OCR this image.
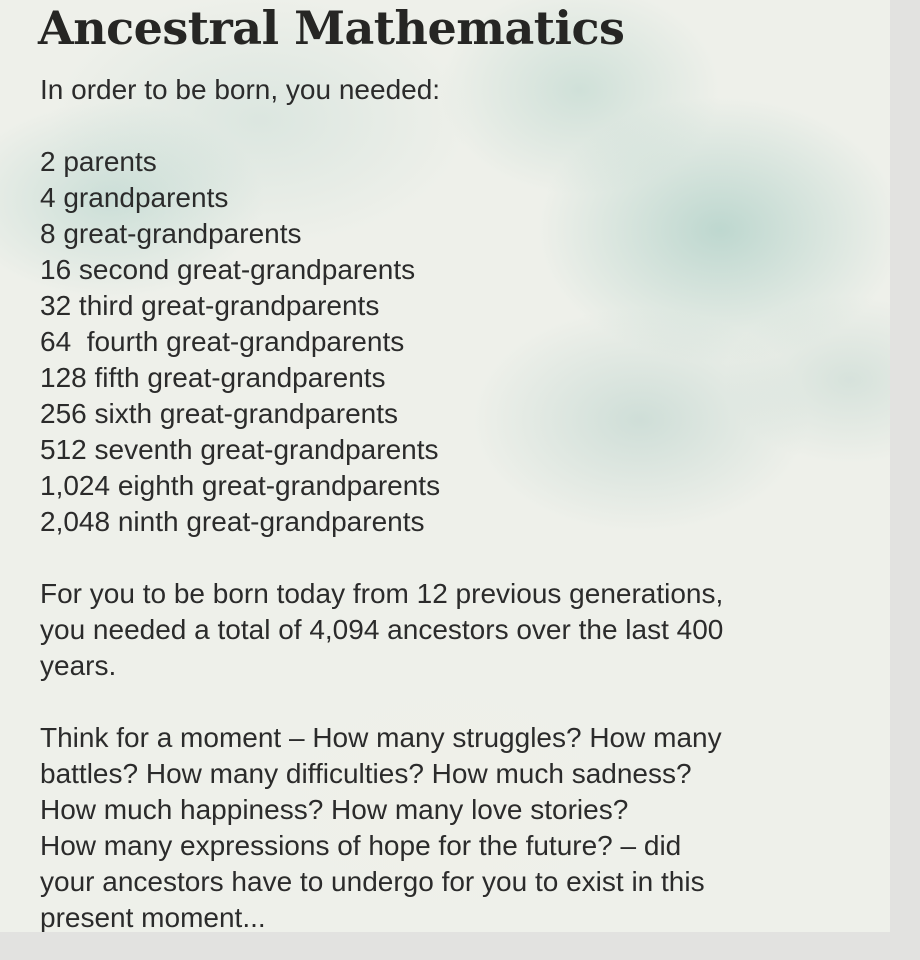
Ancestral Mathematics

In order to be born, you needed:

2 parents
4 grandparents
8 great-grandparents
16 second great-grandparents
32 third great-grandparents
64  fourth great-grandparents
128 fifth great-grandparents
256 sixth great-grandparents
512 seventh great-grandparents
1,024 eighth great-grandparents
2,048 ninth great-grandparents

For you to be born today from 12 previous generations,
you needed a total of 4,094 ancestors over the last 400
years.

Think for a moment – How many struggles? How many
battles? How many difficulties? How much sadness?
How much happiness? How many love stories?
How many expressions of hope for the future? – did
your ancestors have to undergo for you to exist in this
present moment...
